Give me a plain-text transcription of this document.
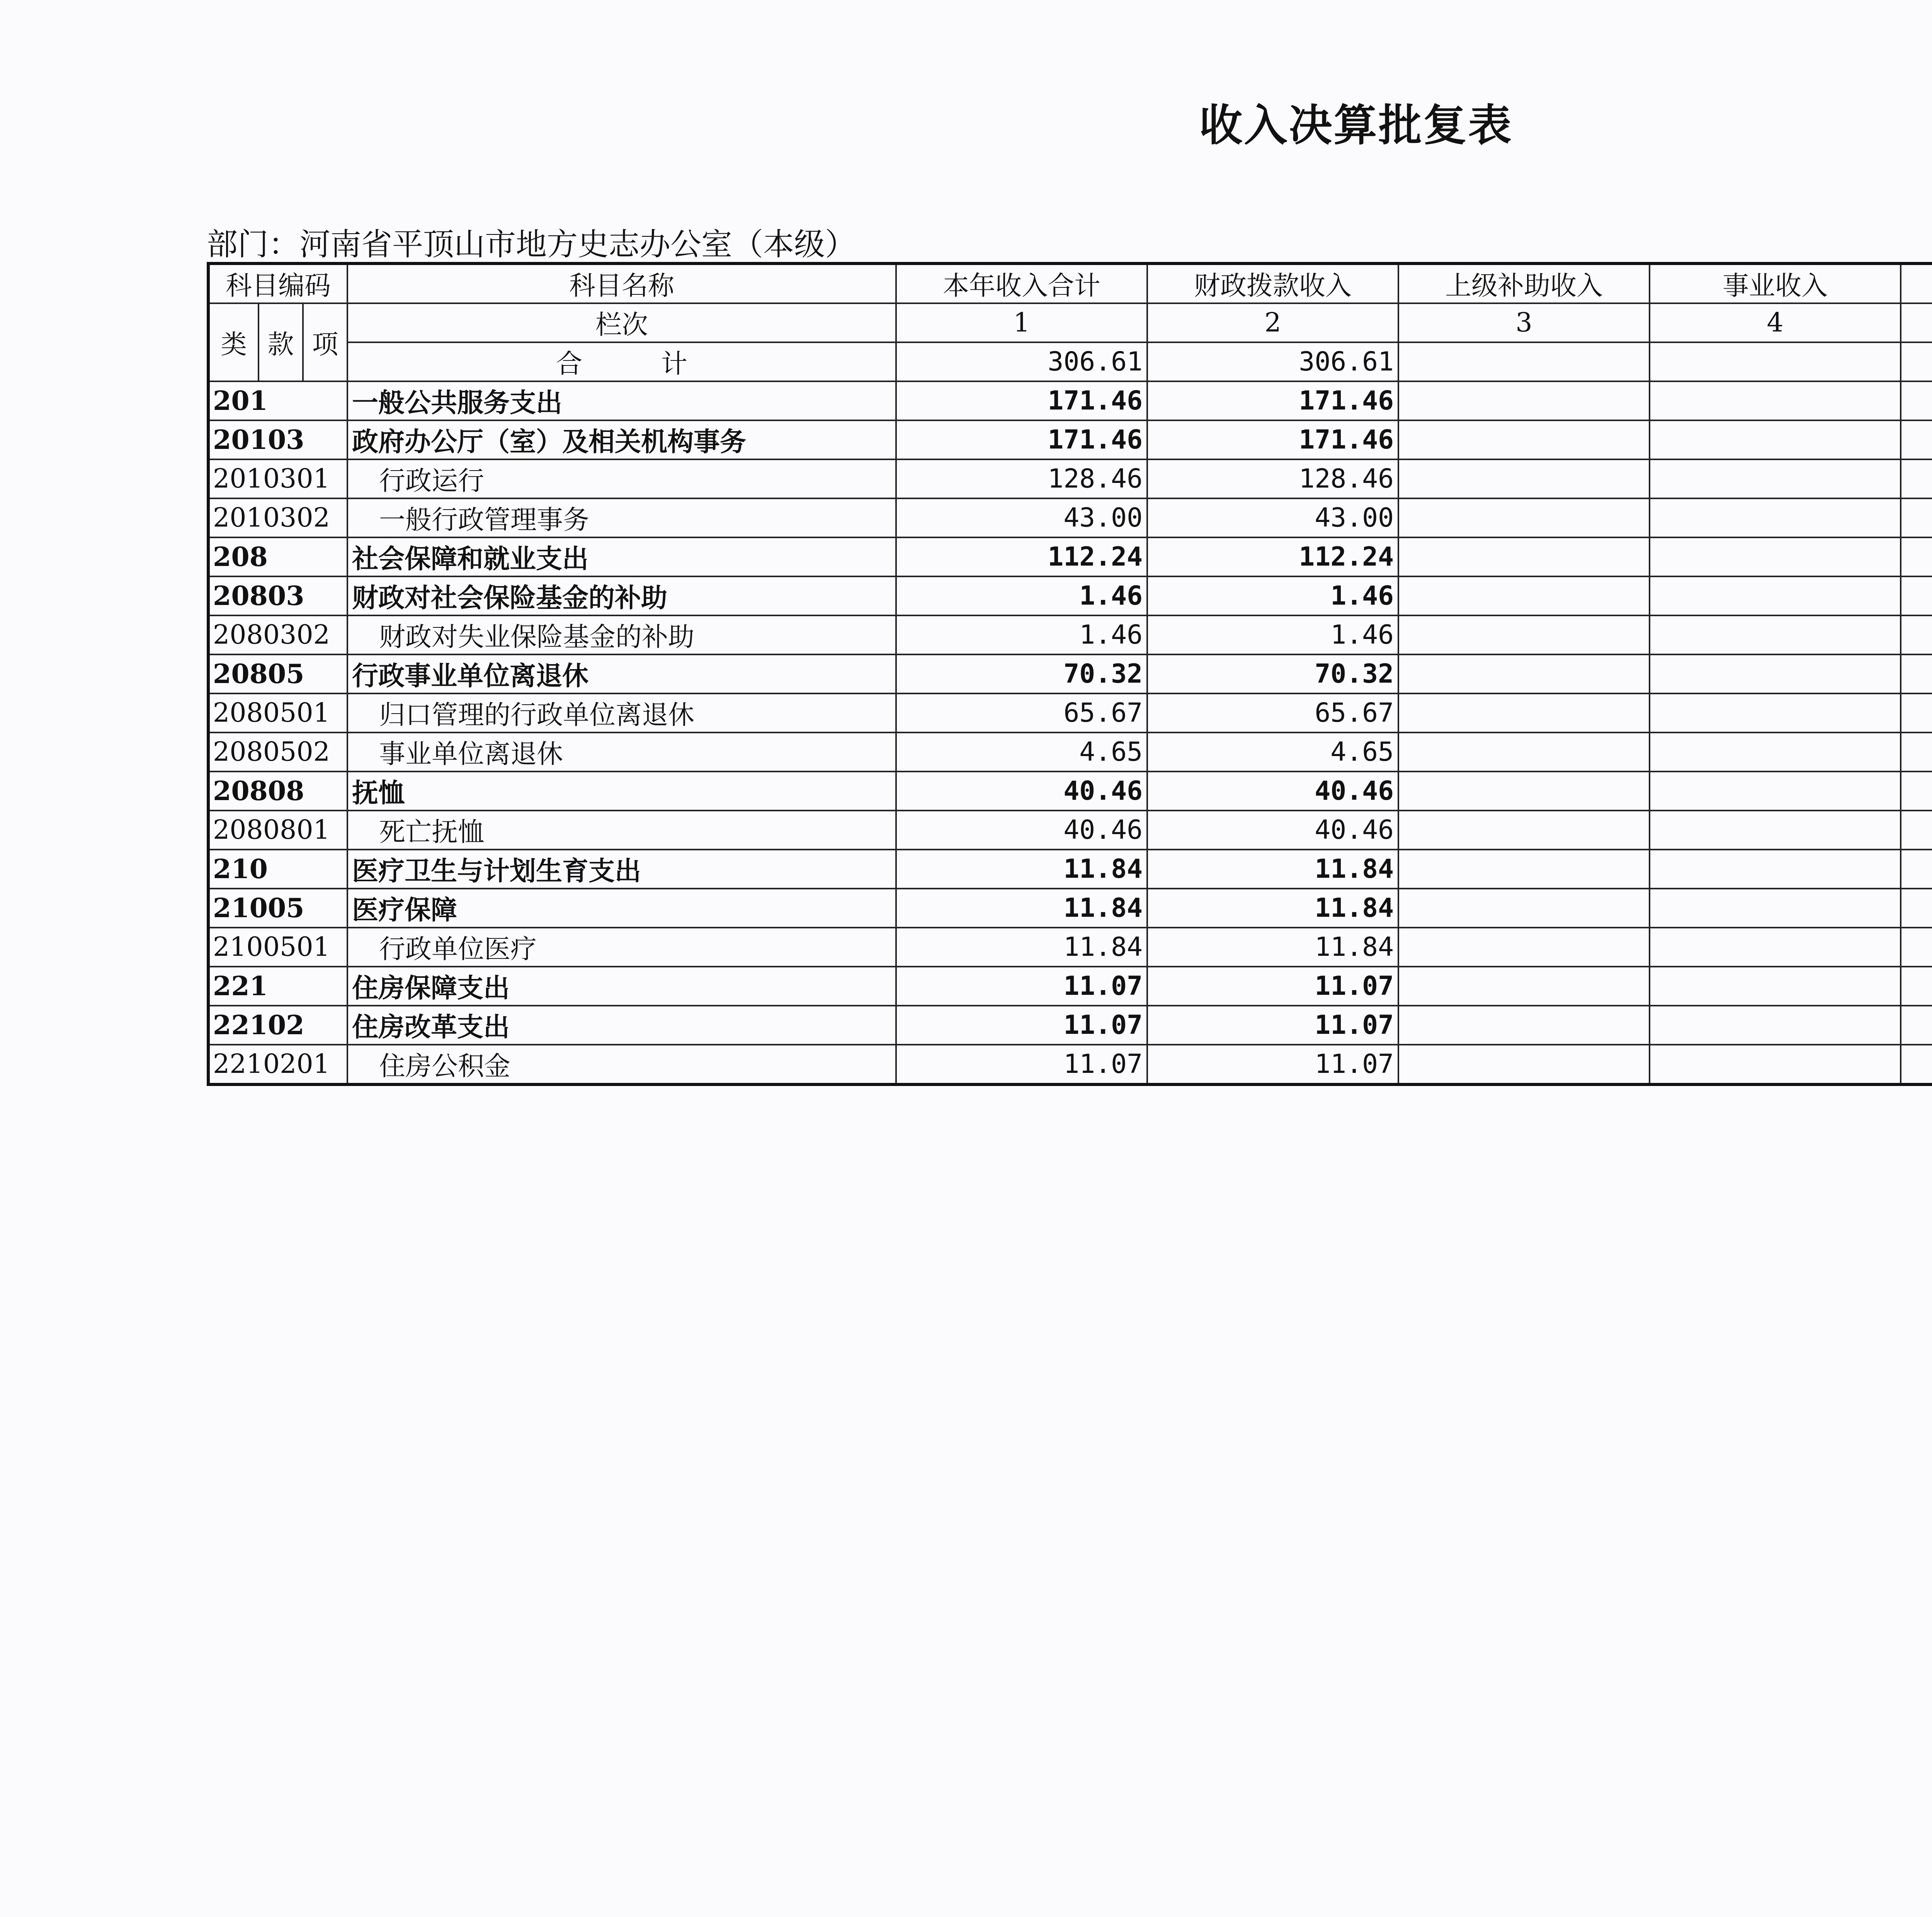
收入决算批复表
部门：河南省平顶山市地方史志办公室（本级）
科目编码			科目名称	本年收入合计	财政拨款收入	上级补助收入	事业收入			
类	款	项	栏次	1	2	3	4			
			合　　　计	306.61	306.61					
201			一般公共服务支出	171.46	171.46					
20103			政府办公厅（室）及相关机构事务	171.46	171.46					
2010301			行政运行	128.46	128.46					
2010302			一般行政管理事务	43.00	43.00					
208			社会保障和就业支出	112.24	112.24					
20803			财政对社会保险基金的补助	1.46	1.46					
2080302			财政对失业保险基金的补助	1.46	1.46					
20805			行政事业单位离退休	70.32	70.32					
2080501			归口管理的行政单位离退休	65.67	65.67					
2080502			事业单位离退休	4.65	4.65					
20808			抚恤	40.46	40.46					
2080801			死亡抚恤	40.46	40.46					
210			医疗卫生与计划生育支出	11.84	11.84					
21005			医疗保障	11.84	11.84					
2100501			行政单位医疗	11.84	11.84					
221			住房保障支出	11.07	11.07					
22102			住房改革支出	11.07	11.07					
2210201			住房公积金	11.07	11.07					
